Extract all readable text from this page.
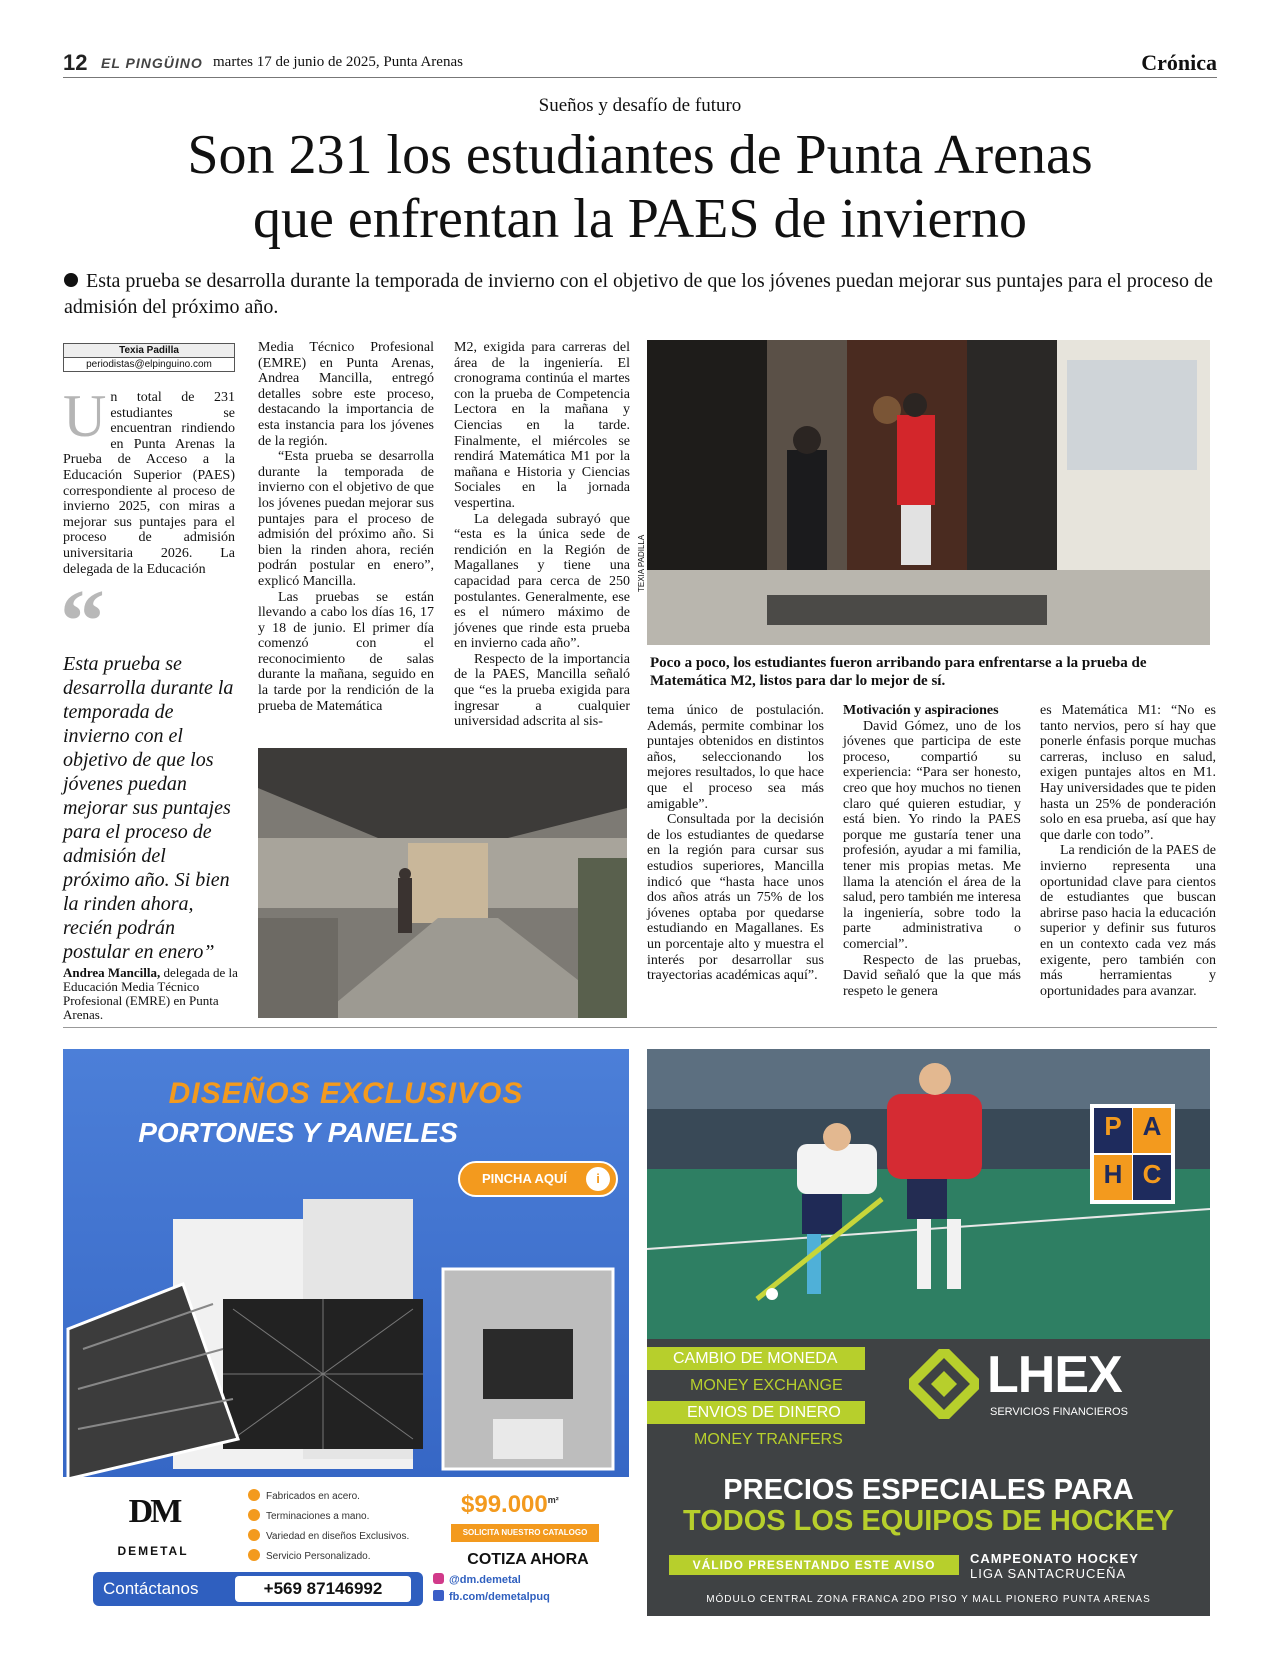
12 EL PINGÜINO martes 17 de junio de 2025, Punta Arenas	Crónica
Sueños y desafío de futuro
Son 231 los estudiantes de Punta Arenas
que enfrentan la PAES de invierno
Esta prueba se desarrolla durante la temporada de invierno con el objetivo de que los jóvenes puedan mejorar sus puntajes para el proceso de admisión del próximo año.
Texia Padilla
periodistas@elpinguino.com
U n total de 231 estudiantes se encuentran rindiendo en Punta Arenas la Prueba de Acceso a la Educación Superior (PAES) correspondiente al proceso de invierno 2025, con miras a mejorar sus puntajes para el proceso de admisión universitaria 2026. La delegada de la Educación

“
Esta prueba se desarrolla durante la temporada de invierno con el objetivo de que los jóvenes puedan mejorar sus puntajes para el proceso de admisión del próximo año. Si bien la rinden ahora, recién podrán postular en enero”
Andrea Mancilla, delegada de la Educación Media Técnico Profesional (EMRE) en Punta Arenas.

Media Técnico Profesional (EMRE) en Punta Arenas, Andrea Mancilla, entregó detalles sobre este proceso, destacando la importancia de esta instancia para los jóvenes de la región.

“Esta prueba se desarrolla durante la temporada de invierno con el objetivo de que los jóvenes puedan mejorar sus puntajes para el proceso de admisión del próximo año. Si bien la rinden ahora, recién podrán postular en enero”, explicó Mancilla.

Las pruebas se están llevando a cabo los días 16, 17 y 18 de junio. El primer día comenzó con el reconocimiento de salas durante la mañana, seguido en la tarde por la rendición de la prueba de Matemática

M2, exigida para carreras del área de la ingeniería. El cronograma continúa el martes con la prueba de Competencia Lectora en la mañana y Ciencias en la tarde. Finalmente, el miércoles se rendirá Matemática M1 por la mañana e Historia y Ciencias Sociales en la jornada vespertina.

La delegada subrayó que “esta es la única sede de rendición en la Región de Magallanes y tiene una capacidad para cerca de 250 postulantes. Generalmente, ese es el número máximo de jóvenes que rinde esta prueba en invierno cada año”.

Respecto de la importancia de la PAES, Mancilla señaló que “es la prueba exigida para ingresar a cualquier universidad adscrita al sis-

TEXIA PADILLA
Poco a poco, los estudiantes fueron arribando para enfrentarse a la prueba de Matemática M2, listos para dar lo mejor de sí.

tema único de postulación. Además, permite combinar los puntajes obtenidos en distintos años, seleccionando los mejores resultados, lo que hace que el proceso sea más amigable”.

Consultada por la decisión de los estudiantes de quedarse en la región para cursar sus estudios superiores, Mancilla indicó que “hasta hace unos dos años atrás un 75% de los jóvenes optaba por quedarse estudiando en Magallanes. Es un porcentaje alto y muestra el interés por desarrollar sus trayectorias académicas aquí”.

Motivación y aspiraciones

David Gómez, uno de los jóvenes que participa de este proceso, compartió su experiencia: “Para ser honesto, creo que hoy muchos no tienen claro qué quieren estudiar, y está bien. Yo rindo la PAES porque me gustaría tener una profesión, ayudar a mi familia, tener mis propias metas. Me llama la atención el área de la salud, pero también me interesa la ingeniería, sobre todo la parte administrativa o comercial”.

Respecto de las pruebas, David señaló que la que más respeto le genera

es Matemática M1: “No es tanto nervios, pero sí hay que ponerle énfasis porque muchas carreras, incluso en salud, exigen puntajes altos en M1. Hay universidades que te piden hasta un 25% de ponderación solo en esa prueba, así que hay que darle con todo”.

La rendición de la PAES de invierno representa una oportunidad clave para cientos de estudiantes que buscan abrirse paso hacia la educación superior y definir sus futuros en un contexto cada vez más exigente, pero también con más herramientas y oportunidades para avanzar.

DISEÑOS EXCLUSIVOS
PORTONES Y PANELES
PINCHA AQUÍ	i
DM
DEMETAL
Fabricados en acero.
Terminaciones a mano.
Variedad en diseños Exclusivos.
Servicio Personalizado.
$\$99.000^{m^2}$
SOLICITA NUESTRO CATALOGO
COTIZA AHORA
Contáctanos	+569 87146992	@dm.demetal
fb.com/demetalpuq
P A
H C
CAMBIO DE MONEDA
MONEY EXCHANGE
ENVIOS DE DINERO
MONEY TRANFERS
LHEX
SERVICIOS FINANCIEROS
PRECIOS ESPECIALES PARA
TODOS LOS EQUIPOS DE HOCKEY
VÁLIDO PRESENTANDO ESTE AVISO	CAMPEONATO HOCKEY
LIGA SANTACRUCEÑA
MÓDULO CENTRAL ZONA FRANCA 2DO PISO Y MALL PIONERO PUNTA ARENAS
